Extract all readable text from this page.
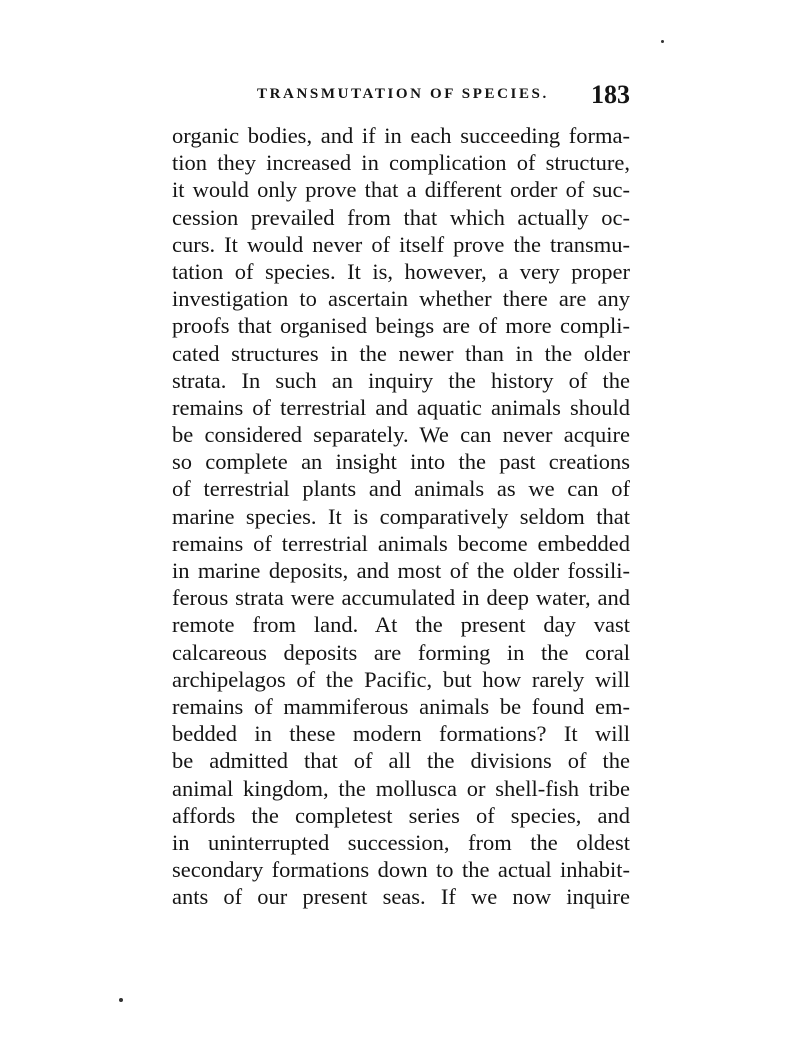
TRANSMUTATION OF SPECIES. 183
organic bodies, and if in each succeeding forma-
tion they increased in complication of structure,
it would only prove that a different order of suc-
cession prevailed from that which actually oc-
curs. It would never of itself prove the transmu-
tation of species. It is, however, a very proper
investigation to ascertain whether there are any
proofs that organised beings are of more compli-
cated structures in the newer than in the older
strata. In such an inquiry the history of the
remains of terrestrial and aquatic animals should
be considered separately. We can never acquire
so complete an insight into the past creations
of terrestrial plants and animals as we can of
marine species. It is comparatively seldom that
remains of terrestrial animals become embedded
in marine deposits, and most of the older fossili-
ferous strata were accumulated in deep water, and
remote from land. At the present day vast
calcareous deposits are forming in the coral
archipelagos of the Pacific, but how rarely will
remains of mammiferous animals be found em-
bedded in these modern formations? It will
be admitted that of all the divisions of the
animal kingdom, the mollusca or shell-fish tribe
affords the completest series of species, and
in uninterrupted succession, from the oldest
secondary formations down to the actual inhabit-
ants of our present seas. If we now inquire
